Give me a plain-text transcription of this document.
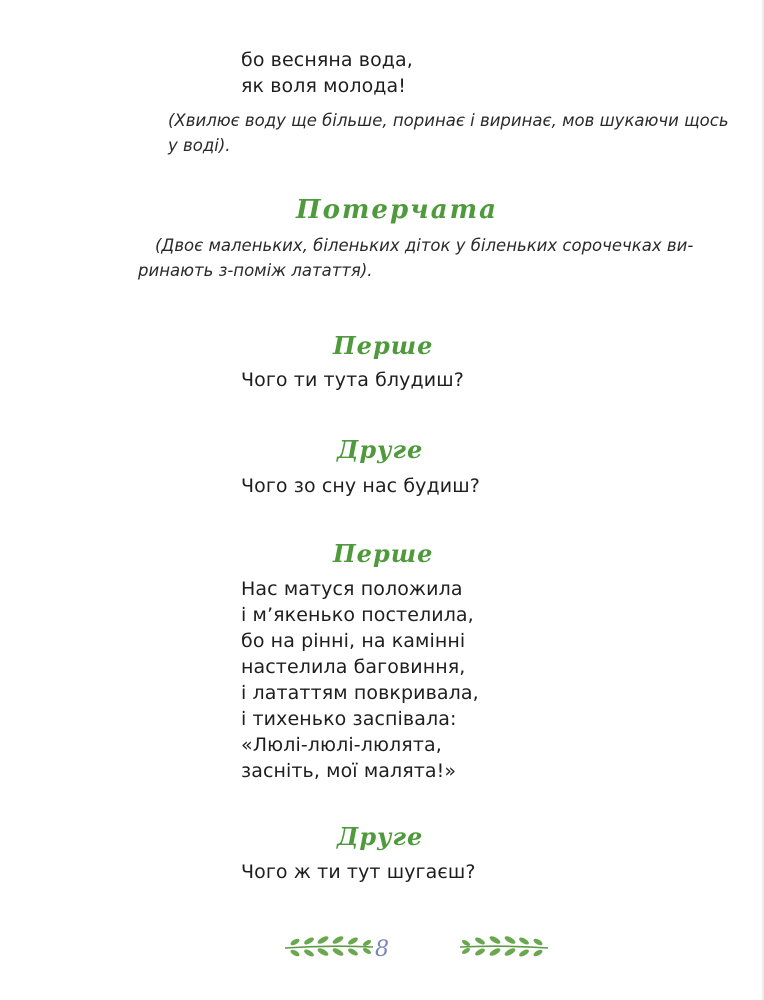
бо весняна вода,
як воля молода!
(Хвилює воду ще більше, поринає і виринає, мов шукаючи щось
у воді).
Потерчата
(Двоє маленьких, біленьких діток у біленьких сорочечках ви-
ринають з-поміж латаття).
Перше
Чого ти тута блудиш?
Друге
Чого зо сну нас будиш?
Перше
Нас матуся положила
і м’якенько постелила,
бо на рінні, на камінні
настелила баговиння,
і лататтям повкривала,
і тихенько заспівала:
«Люлі-люлі-люлята,
засніть, мої малята!»
Друге
Чого ж ти тут шугаєш?
8
